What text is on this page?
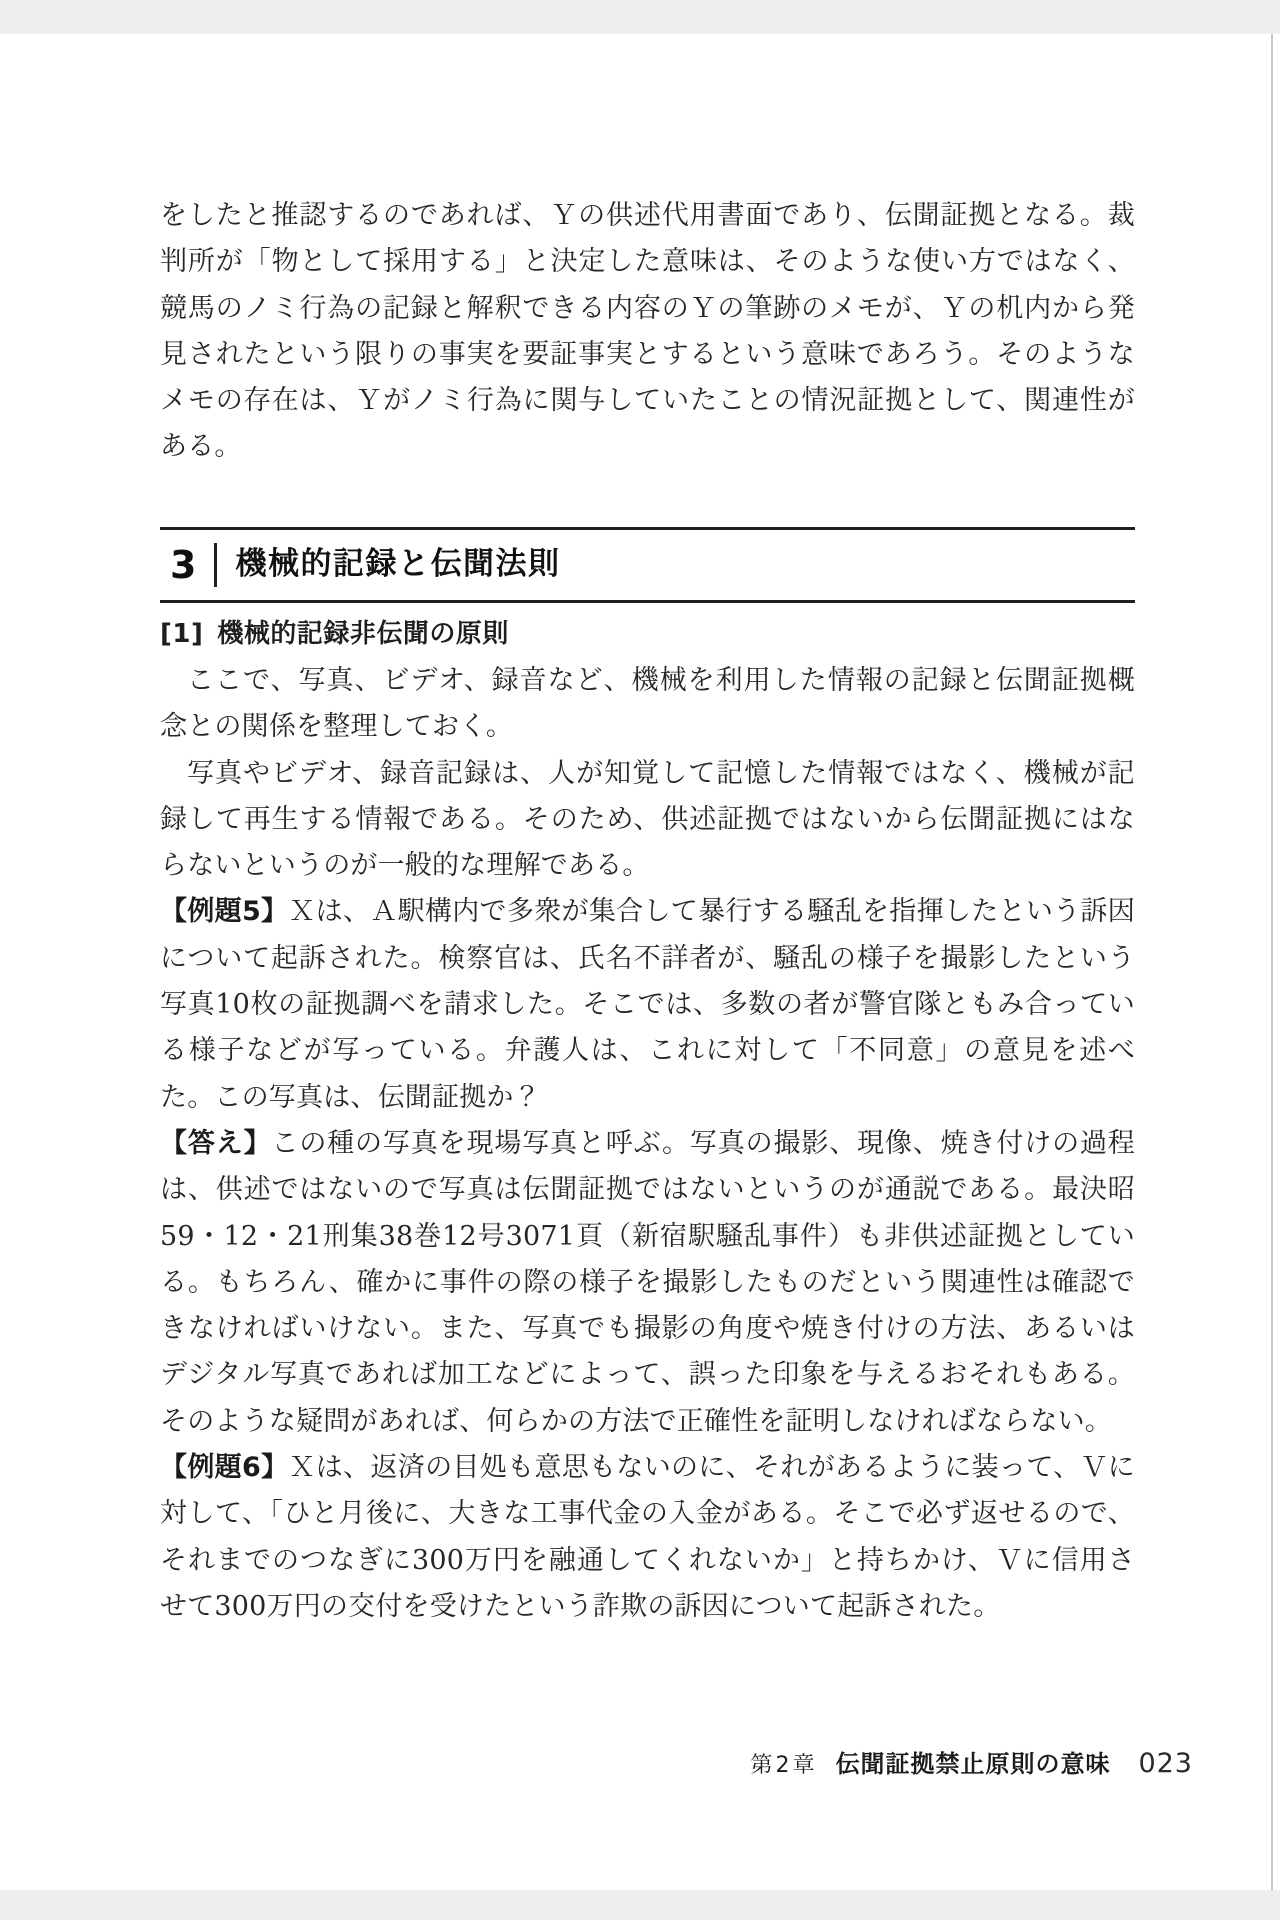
をしたと推認するのであれば、Ｙの供述代用書面であり、伝聞証拠となる。裁判所が「物として採用する」と決定した意味は、そのような使い方ではなく、競馬のノミ行為の記録と解釈できる内容のＹの筆跡のメモが、Ｙの机内から発見されたという限りの事実を要証事実とするという意味であろう。そのようなメモの存在は、Ｙがノミ行為に関与していたことの情況証拠として、関連性がある。

3 機械的記録と伝聞法則
[1] 機械的記録非伝聞の原則

ここで、写真、ビデオ、録音など、機械を利用した情報の記録と伝聞証拠概念との関係を整理しておく。

写真やビデオ、録音記録は、人が知覚して記憶した情報ではなく、機械が記録して再生する情報である。そのため、供述証拠ではないから伝聞証拠にはならないというのが一般的な理解である。

【例題5】Ｘは、Ａ駅構内で多衆が集合して暴行する騒乱を指揮したという訴因について起訴された。検察官は、氏名不詳者が、騒乱の様子を撮影したという写真10枚の証拠調べを請求した。そこでは、多数の者が警官隊ともみ合っている様子などが写っている。弁護人は、これに対して「不同意」の意見を述べた。この写真は、伝聞証拠か？

【答え】この種の写真を現場写真と呼ぶ。写真の撮影、現像、焼き付けの過程は、供述ではないので写真は伝聞証拠ではないというのが通説である。最決昭59・12・21刑集38巻12号3071頁（新宿駅騒乱事件）も非供述証拠としている。もちろん、確かに事件の際の様子を撮影したものだという関連性は確認できなければいけない。また、写真でも撮影の角度や焼き付けの方法、あるいはデジタル写真であれば加工などによって、誤った印象を与えるおそれもある。そのような疑問があれば、何らかの方法で正確性を証明しなければならない。

【例題6】Ｘは、返済の目処も意思もないのに、それがあるように装って、Ｖに対して、「ひと月後に、大きな工事代金の入金がある。そこで必ず返せるので、それまでのつなぎに300万円を融通してくれないか」と持ちかけ、Ｖに信用させて300万円の交付を受けたという詐欺の訴因について起訴された。

第2章 伝聞証拠禁止原則の意味 023
